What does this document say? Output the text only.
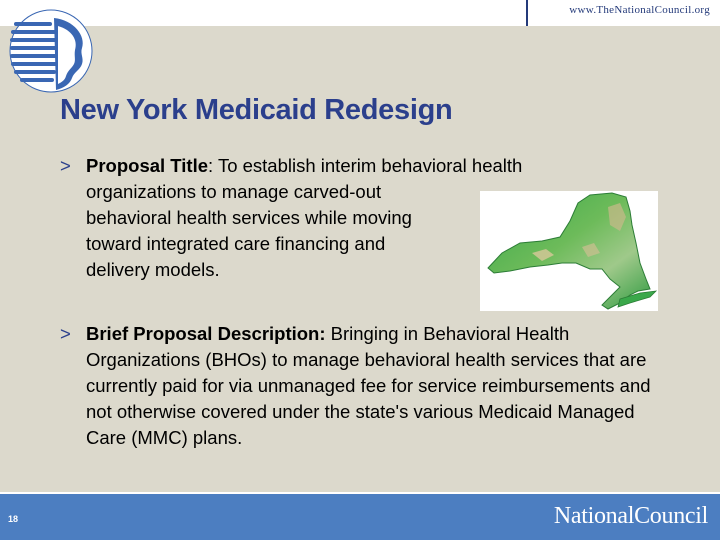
www.TheNationalCouncil.org
New York Medicaid Redesign
> Proposal Title: To establish interim behavioral health
organizations to manage carved-out
behavioral health services while moving
toward integrated care financing and
delivery models.
> Brief Proposal Description: Bringing in Behavioral Health Organizations (BHOs) to manage behavioral health services that are currently paid for via unmanaged fee for service reimbursements and not otherwise covered under the state's various Medicaid Managed Care (MMC) plans.
18	NationalCouncil
